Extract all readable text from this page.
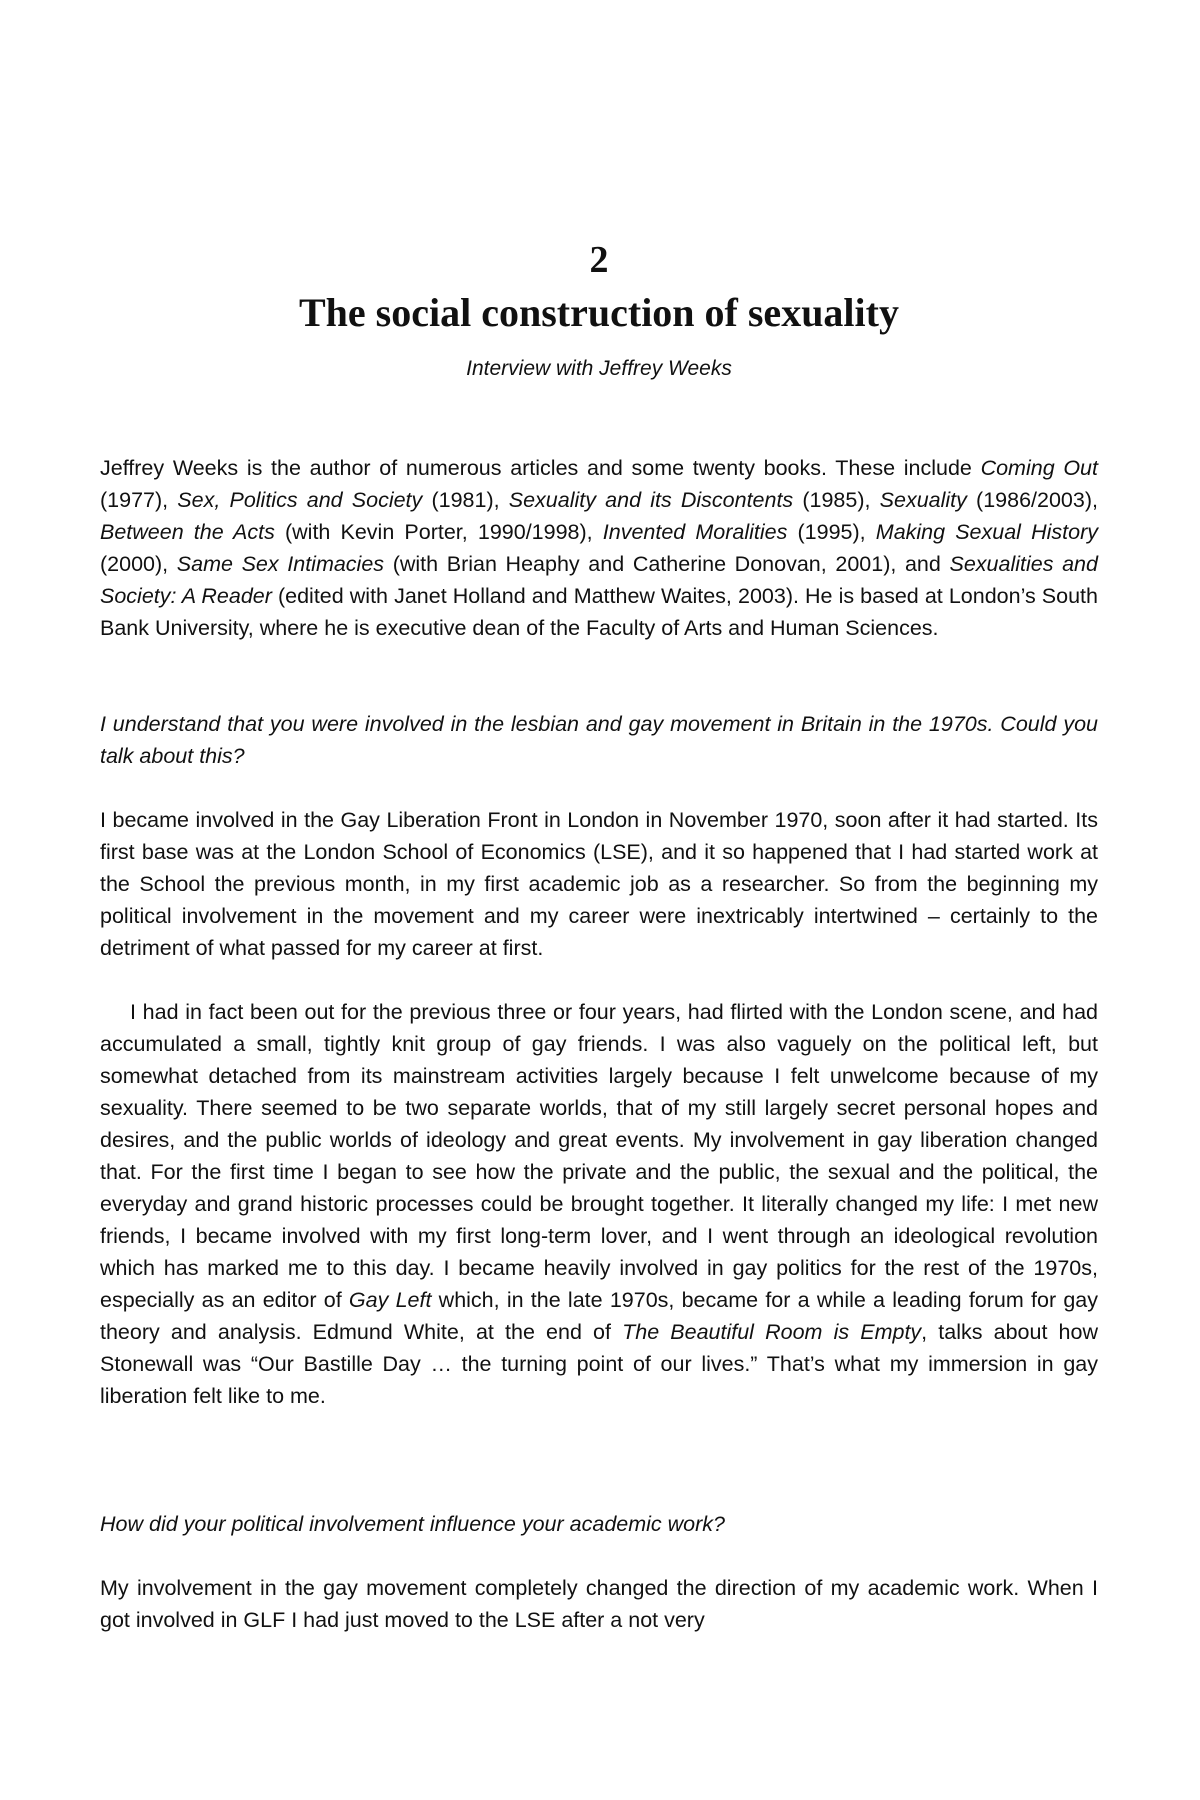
2
The social construction of sexuality
Interview with Jeffrey Weeks

Jeffrey Weeks is the author of numerous articles and some twenty books. These include Coming Out (1977), Sex, Politics and Society (1981), Sexuality and its Discontents (1985), Sexuality (1986/2003), Between the Acts (with Kevin Porter, 1990/1998), Invented Moralities (1995), Making Sexual History (2000), Same Sex Intimacies (with Brian Heaphy and Catherine Donovan, 2001), and Sexualities and Society: A Reader (edited with Janet Holland and Matthew Waites, 2003). He is based at London’s South Bank University, where he is executive dean of the Faculty of Arts and Human Sciences.

I understand that you were involved in the lesbian and gay movement in Britain in the 1970s. Could you talk about this?

I became involved in the Gay Liberation Front in London in November 1970, soon after it had started. Its first base was at the London School of Economics (LSE), and it so happened that I had started work at the School the previous month, in my first academic job as a researcher. So from the beginning my political involvement in the movement and my career were inextricably intertwined – certainly to the detriment of what passed for my career at first.

I had in fact been out for the previous three or four years, had flirted with the London scene, and had accumulated a small, tightly knit group of gay friends. I was also vaguely on the political left, but somewhat detached from its mainstream activities largely because I felt unwelcome because of my sexuality. There seemed to be two separate worlds, that of my still largely secret personal hopes and desires, and the public worlds of ideology and great events. My involvement in gay liberation changed that. For the first time I began to see how the private and the public, the sexual and the political, the everyday and grand historic processes could be brought together. It literally changed my life: I met new friends, I became involved with my first long-term lover, and I went through an ideological revolution which has marked me to this day. I became heavily involved in gay politics for the rest of the 1970s, especially as an editor of Gay Left which, in the late 1970s, became for a while a leading forum for gay theory and analysis. Edmund White, at the end of The Beautiful Room is Empty, talks about how Stonewall was “Our Bastille Day … the turning point of our lives.” That’s what my immersion in gay liberation felt like to me.

How did your political involvement influence your academic work?

My involvement in the gay movement completely changed the direction of my academic work. When I got involved in GLF I had just moved to the LSE after a not very
